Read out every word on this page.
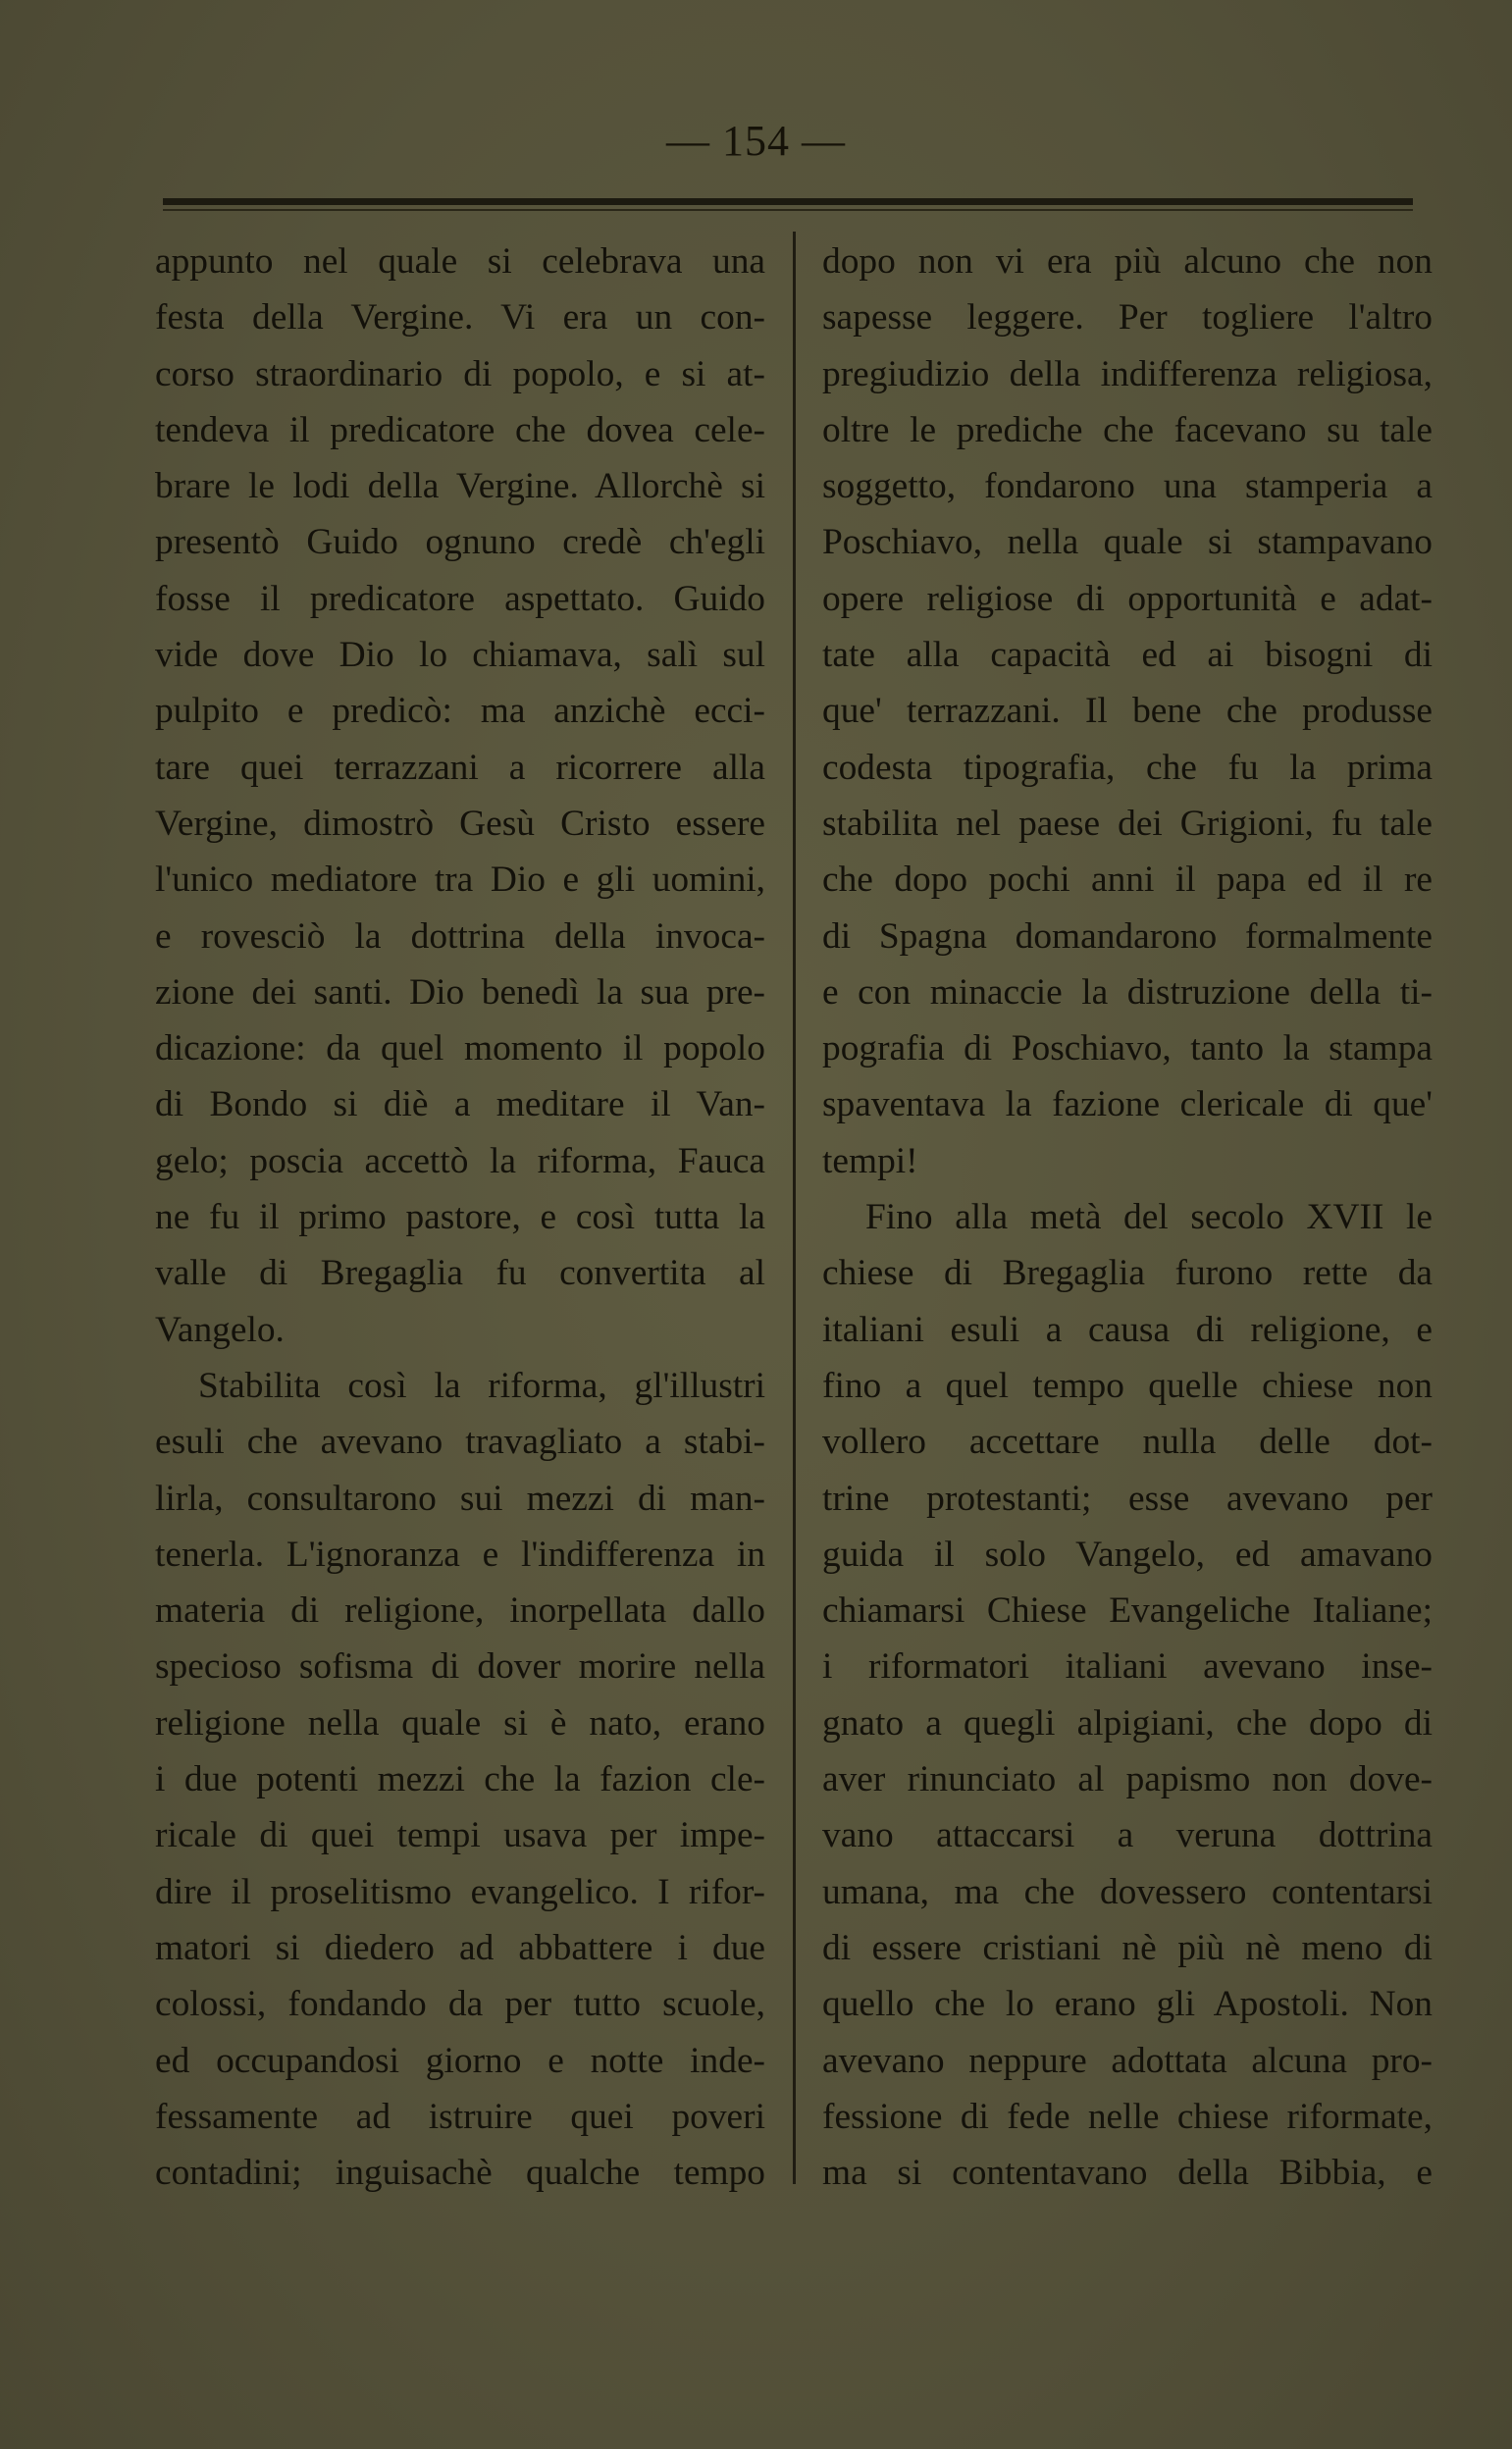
— 154 —
appunto nel quale si celebrava una
festa della Vergine. Vi era un con-
corso straordinario di popolo, e si at-
tendeva il predicatore che dovea cele-
brare le lodi della Vergine. Allorchè si
presentò Guido ognuno credè ch'egli
fosse il predicatore aspettato. Guido
vide dove Dio lo chiamava, salì sul
pulpito e predicò: ma anzichè ecci-
tare quei terrazzani a ricorrere alla
Vergine, dimostrò Gesù Cristo essere
l'unico mediatore tra Dio e gli uomini,
e rovesciò la dottrina della invoca-
zione dei santi. Dio benedì la sua pre-
dicazione: da quel momento il popolo
di Bondo si diè a meditare il Van-
gelo; poscia accettò la riforma, Fauca
ne fu il primo pastore, e così tutta la
valle di Bregaglia fu convertita al
Vangelo.
Stabilita così la riforma, gl'illustri
esuli che avevano travagliato a stabi-
lirla, consultarono sui mezzi di man-
tenerla. L'ignoranza e l'indifferenza in
materia di religione, inorpellata dallo
specioso sofisma di dover morire nella
religione nella quale si è nato, erano
i due potenti mezzi che la fazion cle-
ricale di quei tempi usava per impe-
dire il proselitismo evangelico. I rifor-
matori si diedero ad abbattere i due
colossi, fondando da per tutto scuole,
ed occupandosi giorno e notte inde-
fessamente ad istruire quei poveri
contadini; inguisachè qualche tempo
dopo non vi era più alcuno che non
sapesse leggere. Per togliere l'altro
pregiudizio della indifferenza religiosa,
oltre le prediche che facevano su tale
soggetto, fondarono una stamperia a
Poschiavo, nella quale si stampavano
opere religiose di opportunità e adat-
tate alla capacità ed ai bisogni di
que' terrazzani. Il bene che produsse
codesta tipografia, che fu la prima
stabilita nel paese dei Grigioni, fu tale
che dopo pochi anni il papa ed il re
di Spagna domandarono formalmente
e con minaccie la distruzione della ti-
pografia di Poschiavo, tanto la stampa
spaventava la fazione clericale di que'
tempi!
Fino alla metà del secolo XVII le
chiese di Bregaglia furono rette da
italiani esuli a causa di religione, e
fino a quel tempo quelle chiese non
vollero accettare nulla delle dot-
trine protestanti; esse avevano per
guida il solo Vangelo, ed amavano
chiamarsi Chiese Evangeliche Italiane;
i riformatori italiani avevano inse-
gnato a quegli alpigiani, che dopo di
aver rinunciato al papismo non dove-
vano attaccarsi a veruna dottrina
umana, ma che dovessero contentarsi
di essere cristiani nè più nè meno di
quello che lo erano gli Apostoli. Non
avevano neppure adottata alcuna pro-
fessione di fede nelle chiese riformate,
ma si contentavano della Bibbia, e
